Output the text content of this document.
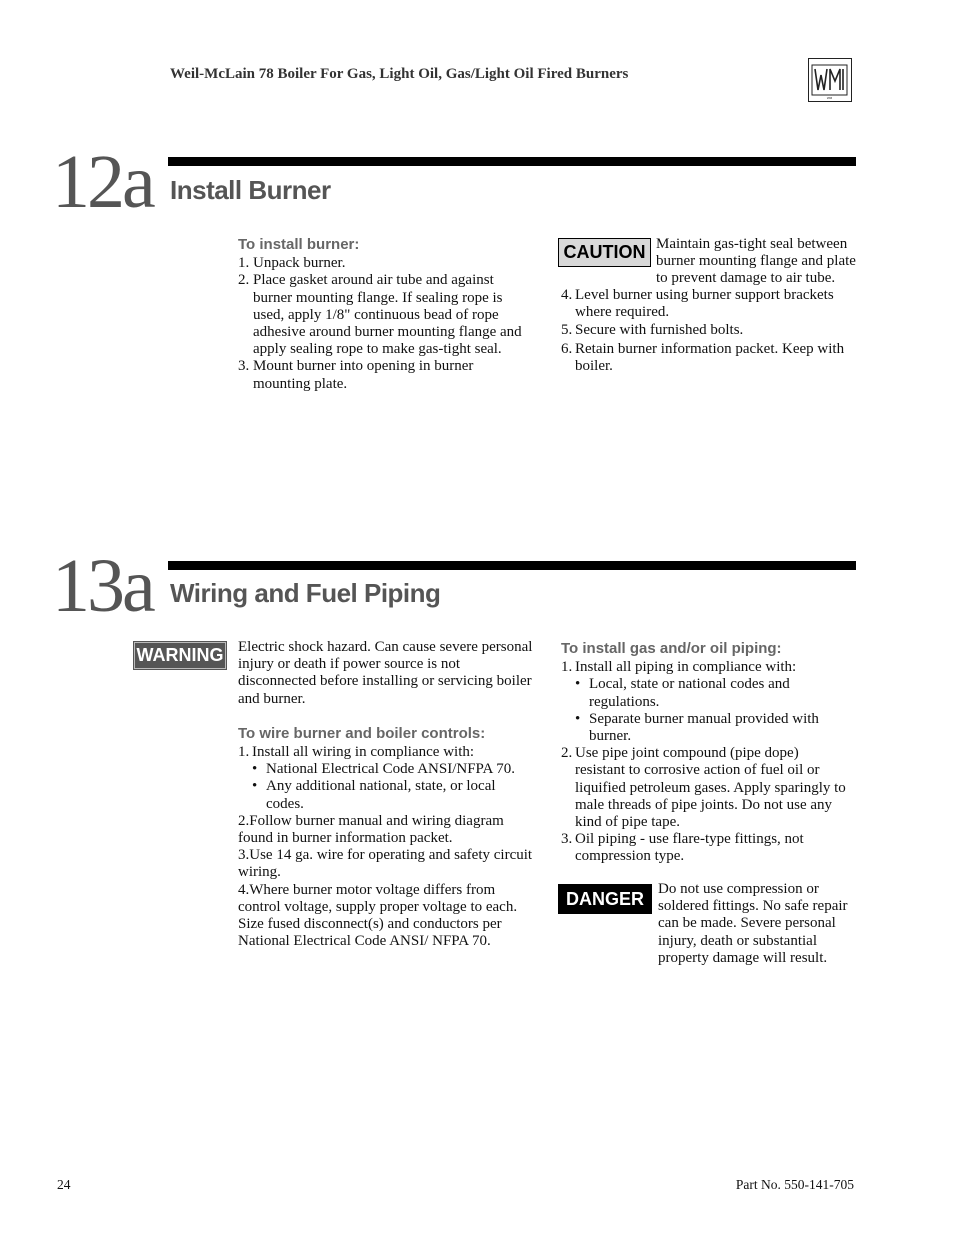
Weil-McLain 78 Boiler For Gas, Light Oil, Gas/Light Oil Fired Burners
WM
12a Install Burner
To install burner:
1. Unpack burner.
2. Place gasket around air tube and against burner mounting flange. If sealing rope is used, apply 1/8" continuous bead of rope adhesive around burner mounting flange and apply sealing rope to make gas-tight seal.
3. Mount burner into opening in burner mounting plate.
CAUTION Maintain gas-tight seal between burner mounting flange and plate to prevent damage to air tube.
4. Level burner using burner support brackets where required.
5. Secure with furnished bolts.
6. Retain burner information packet. Keep with boiler.
13a Wiring and Fuel Piping
WARNING Electric shock hazard. Can cause severe personal injury or death if power source is not disconnected before installing or servicing boiler and burner.

To wire burner and boiler controls:
1. Install all wiring in compliance with:
• National Electrical Code ANSI/NFPA 70.
• Any additional national, state, or local codes.

2.Follow burner manual and wiring diagram found in burner information packet.

3.Use 14 ga. wire for operating and safety circuit wiring.

4.Where burner motor voltage differs from control voltage, supply proper voltage to each. Size fused disconnect(s) and conductors per National Electrical Code ANSI/ NFPA 70.

To install gas and/or oil piping:
1. Install all piping in compliance with:
• Local, state or national codes and regulations.
• Separate burner manual provided with burner.
2. Use pipe joint compound (pipe dope) resistant to corrosive action of fuel oil or liquified petroleum gases. Apply sparingly to male threads of pipe joints. Do not use any kind of pipe tape.
3. Oil piping - use flare-type fittings, not compression type.
DANGER Do not use compression or soldered fittings. No safe repair can be made. Severe personal injury, death or substantial property damage will result.
24	Part No. 550-141-705
